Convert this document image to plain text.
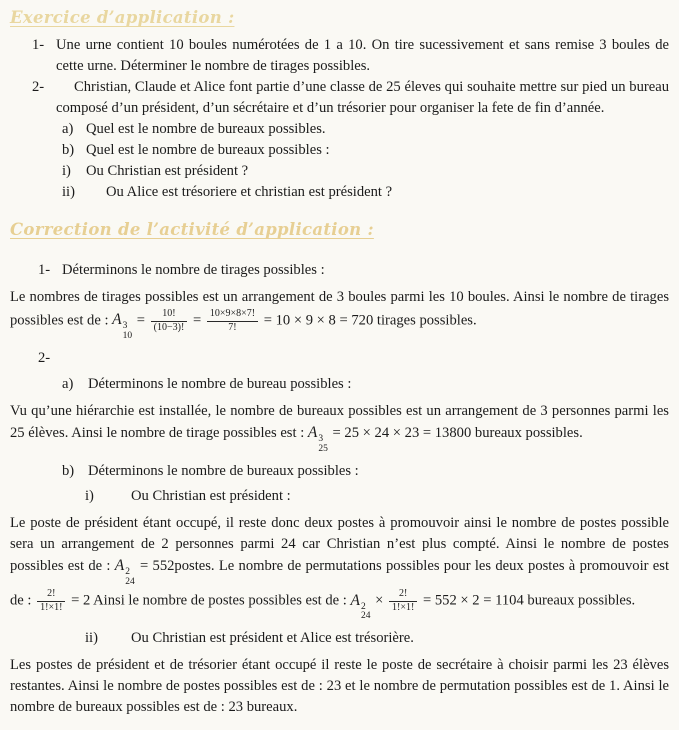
Exercice d’application :
1- Une urne contient 10 boules numérotées de 1 a 10. On tire sucessivement et sans remise 3 boules de cette urne. Déterminer le nombre de tirages possibles.
2-	Christian, Claude et Alice font partie d’une classe de 25 éleves qui souhaite mettre sur pied un bureau composé d’un président, d’un sécrétaire et d’un trésorier pour organiser la fete de fin d’année.
a) Quel est le nombre de bureaux possibles.
b) Quel est le nombre de bureaux possibles :
i)	Ou Christian est président ?
ii)	Ou Alice est trésoriere et christian est président ?
Correction de l’activité d’application :
1- Déterminons le nombre de tirages possibles :

Le nombres de tirages possibles est un arrangement de 3 boules parmi les 10 boules. Ainsi le nombre de tirages possibles est de : A 3
10
= $\frac{10!}{(10-3)!} = \frac{10\times 9\times 8\times 7!}{7!} = 10 \times 9 \times 8 = 720$ tirages possibles.

2-
a)	Déterminons le nombre de bureau possibles :

Vu qu’une hiérarchie est installée, le nombre de bureaux possibles est un arrangement de 3 personnes parmi les 25 élèves. Ainsi le nombre de tirage possibles est : A 3
25
= 25 × 24 × 23 = 13800 bureaux possibles.

b) Déterminons le nombre de bureaux possibles :
i)	Ou Christian est président :

Le poste de président étant occupé, il reste donc deux postes à promouvoir ainsi le nombre de postes possible sera un arrangement de 2 personnes parmi 24 car Christian n’est plus compté. Ainsi le nombre de postes possibles est de : A 2
24
= 552postes. Le nombre de permutations possibles pour les deux postes à promouvoir est de : $\frac{2!}{1!\times 1!} = 2$ Ainsi le nombre de postes possibles est de : A 2
24
× $\frac{2!}{1!\times 1!} = 552 \times 2 = 1104$ bureaux possibles.

ii)	Ou Christian est président et Alice est trésorière.

Les postes de président et de trésorier étant occupé il reste le poste de secrétaire à choisir parmi les 23 élèves restantes. Ainsi le nombre de postes possibles est de : 23 et le nombre de permutation possibles est de 1. Ainsi le nombre de bureaux possibles est de : 23 bureaux.
